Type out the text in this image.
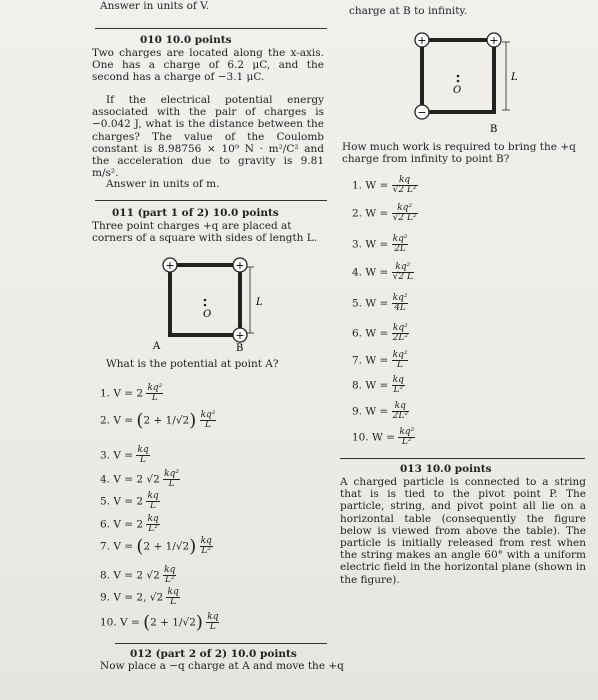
Answer in units of V.
010 10.0 points
Two charges are located along the x-axis. One has a charge of 6.2 μC, and the second has a charge of −3.1 μC.
If the electrical potential energy associated with the pair of charges is −0.042 J, what is the distance between the charges? The value of the Coulomb constant is 8.98756 × 10⁹ N · m²/C² and the acceleration due to gravity is 9.81 m/s².
Answer in units of m.
011 (part 1 of 2) 10.0 points
Three point charges +q are placed at corners of a square with sides of length L.
+	+
+
O
L
A	B
What is the potential at point A?
1. $V = 2 \frac{\text{kq²}}{L}$
2. $V = (2 + 1/√2) \frac{\text{kq²}}{L}$
3. $V = \frac{kq}{L}$
4. V = 2 $√2 \frac{\text{kq²}}{L}$
5. $V = 2 \frac{kq}{L}$
6. $V = 2 \frac{kq}{\text{L²}}$
7. $V = (2 + 1/√2) \frac{kq}{\text{L²}}$
8. V = 2 $√2 \frac{kq}{\text{L²}}$
9. V = 2, $√2 \frac{kq}{L}$
10. $V = (2 + 1/√2) \frac{kq}{L}$
012 (part 2 of 2) 10.0 points
Now place a −q charge at A and move the +q
charge at B to infinity.
+	+
−
O
L
B
How much work is required to bring the +q charge from infinity to point B?
1. $W = \frac{kq}{\text{√2 L²}}$
2. $W = \frac{\text{kq²}}{\text{√2 L²}}$
3. $W = \frac{\text{kq²}}{2L}$
4. $W = \frac{\text{kq²}}{√2 L}$
5. $W = \frac{\text{kq²}}{4L}$
6. $W = \frac{\text{kq²}}{\text{2L²}}$
7. $W = \frac{\text{kq²}}{L}$
8. $W = \frac{kq}{\text{L²}}$
9. $W = \frac{kq}{\text{2L²}}$
10. $W = \frac{\text{kq²}}{\text{L²}}$
013 10.0 points
A charged particle is connected to a string that is is tied to the pivot point P. The particle, string, and pivot point all lie on a horizontal table (consequently the figure below is viewed from above the table). The particle is initially released from rest when the string makes an angle 60° with a uniform electric field in the horizontal plane (shown in the figure).
